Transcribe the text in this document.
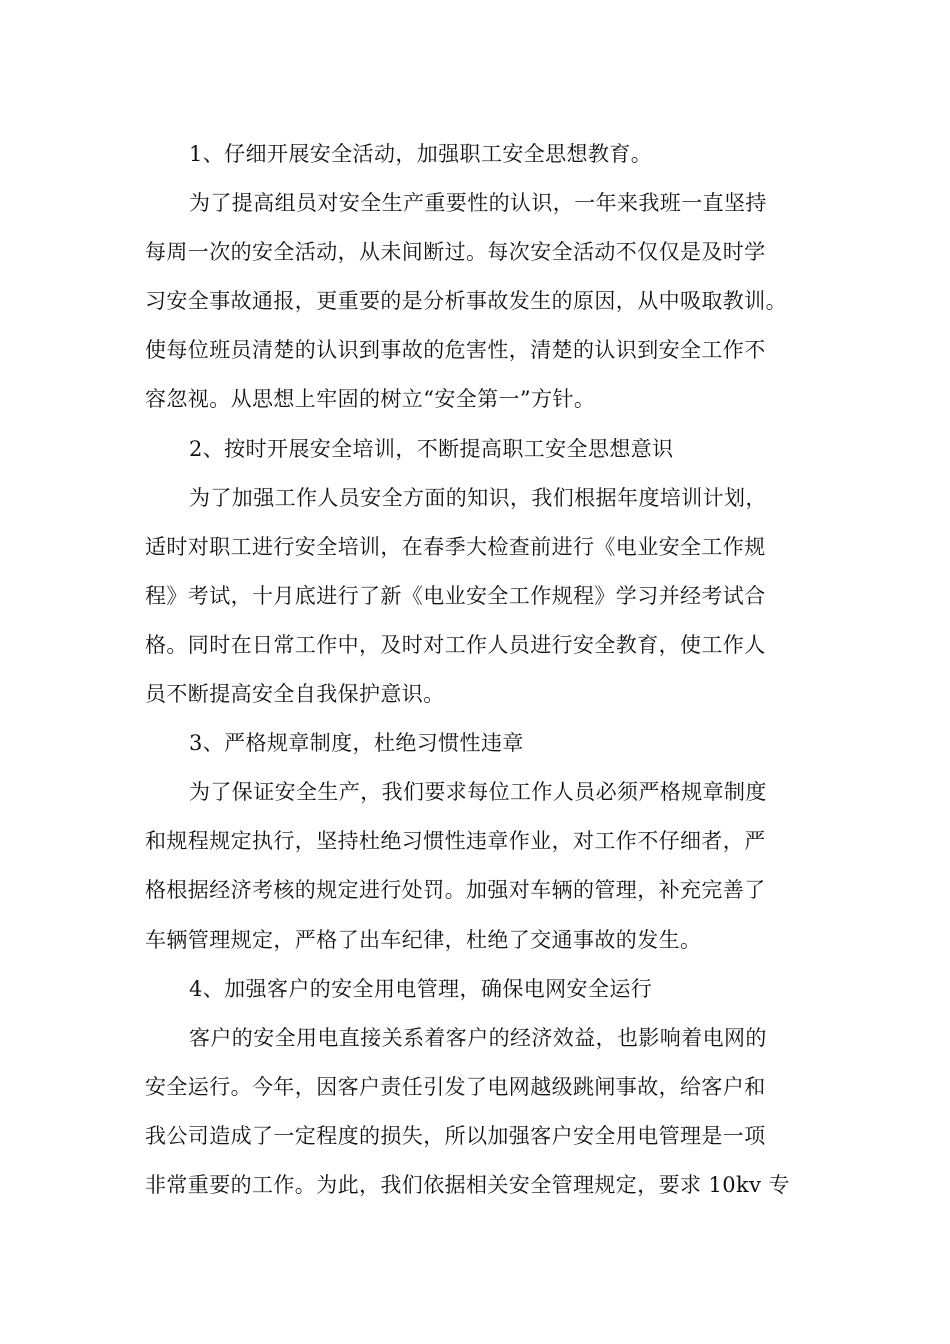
1、仔细开展安全活动，加强职工安全思想教育。
为了提高组员对安全生产重要性的认识，一年来我班一直坚持
每周一次的安全活动，从未间断过。每次安全活动不仅仅是及时学
习安全事故通报，更重要的是分析事故发生的原因，从中吸取教训。
使每位班员清楚的认识到事故的危害性，清楚的认识到安全工作不
容忽视。从思想上牢固的树立“安全第一”方针。
2、按时开展安全培训，不断提高职工安全思想意识
为了加强工作人员安全方面的知识，我们根据年度培训计划，
适时对职工进行安全培训，在春季大检查前进行《电业安全工作规
程》考试，十月底进行了新《电业安全工作规程》学习并经考试合
格。同时在日常工作中，及时对工作人员进行安全教育，使工作人
员不断提高安全自我保护意识。
3、严格规章制度，杜绝习惯性违章
为了保证安全生产，我们要求每位工作人员必须严格规章制度
和规程规定执行，坚持杜绝习惯性违章作业，对工作不仔细者，严
格根据经济考核的规定进行处罚。加强对车辆的管理，补充完善了
车辆管理规定，严格了出车纪律，杜绝了交通事故的发生。
4、加强客户的安全用电管理，确保电网安全运行
客户的安全用电直接关系着客户的经济效益，也影响着电网的
安全运行。今年，因客户责任引发了电网越级跳闸事故，给客户和
我公司造成了一定程度的损失，所以加强客户安全用电管理是一项
非常重要的工作。为此，我们依据相关安全管理规定，要求 10kv 专
